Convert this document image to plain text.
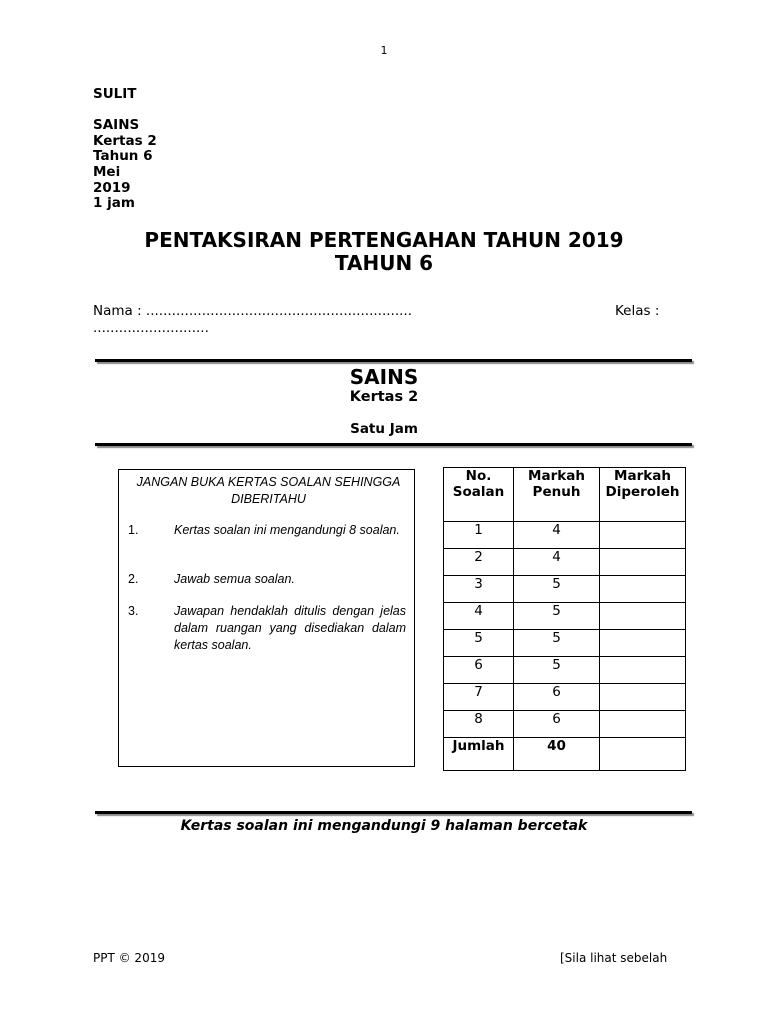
1
SULIT
SAINS
Kertas 2
Tahun 6
Mei
2019
1 jam
PENTAKSIRAN PERTENGAHAN TAHUN 2019
TAHUN 6
Nama : ..............................................................	Kelas :
...........................
SAINS
Kertas 2
Satu Jam
JANGAN BUKA KERTAS SOALAN SEHINGGA DIBERITAHU
1.	Kertas soalan ini mengandungi 8 soalan.
2.	Jawab semua soalan.
3.	Jawapan hendaklah ditulis dengan jelas dalam ruangan yang disediakan dalam kertas soalan.
No. Soalan	Markah Penuh	Markah Diperoleh
1	4	
2	4	
3	5	
4	5	
5	5	
6	5	
7	6	
8	6	
Jumlah	40	
Kertas soalan ini mengandungi 9 halaman bercetak
PPT © 2019	[Sila lihat sebelah
